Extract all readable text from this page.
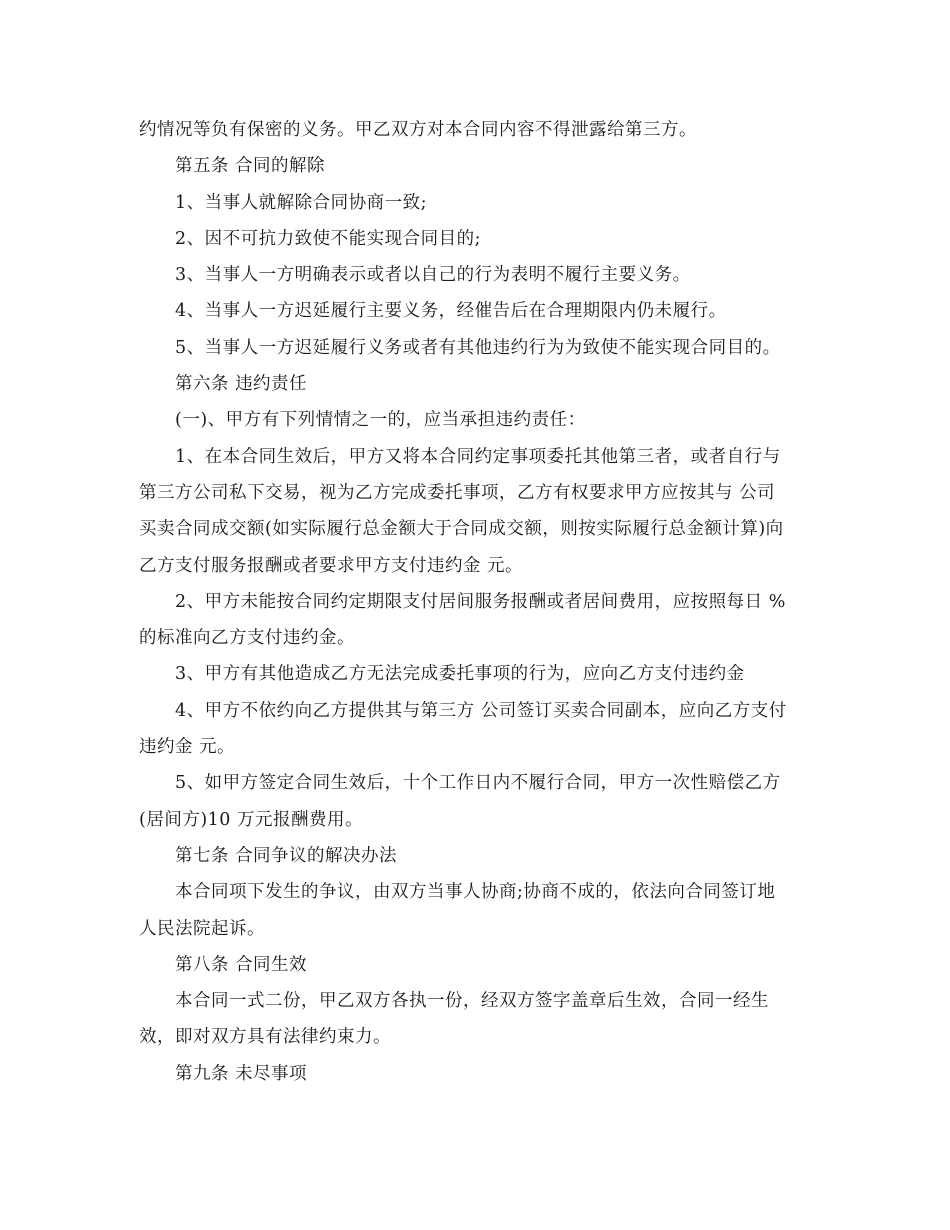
约情况等负有保密的义务。甲乙双方对本合同内容不得泄露给第三方。
第五条 合同的解除
1、当事人就解除合同协商一致;
2、因不可抗力致使不能实现合同目的;
3、当事人一方明确表示或者以自己的行为表明不履行主要义务。
4、当事人一方迟延履行主要义务，经催告后在合理期限内仍未履行。
5、当事人一方迟延履行义务或者有其他违约行为为致使不能实现合同目的。
第六条 违约责任
(一)、甲方有下列情情之一的，应当承担违约责任：
1、在本合同生效后，甲方又将本合同约定事项委托其他第三者，或者自行与
第三方公司私下交易，视为乙方完成委托事项，乙方有权要求甲方应按其与 公司
买卖合同成交额(如实际履行总金额大于合同成交额，则按实际履行总金额计算)向
乙方支付服务报酬或者要求甲方支付违约金 元。
2、甲方未能按合同约定期限支付居间服务报酬或者居间费用，应按照每日 %
的标准向乙方支付违约金。
3、甲方有其他造成乙方无法完成委托事项的行为，应向乙方支付违约金
4、甲方不依约向乙方提供其与第三方 公司签订买卖合同副本，应向乙方支付
违约金 元。
5、如甲方签定合同生效后，十个工作日内不履行合同，甲方一次性赔偿乙方
(居间方)10 万元报酬费用。
第七条 合同争议的解决办法
本合同项下发生的争议，由双方当事人协商;协商不成的，依法向合同签订地
人民法院起诉。
第八条 合同生效
本合同一式二份，甲乙双方各执一份，经双方签字盖章后生效，合同一经生
效，即对双方具有法律约束力。
第九条 未尽事项
